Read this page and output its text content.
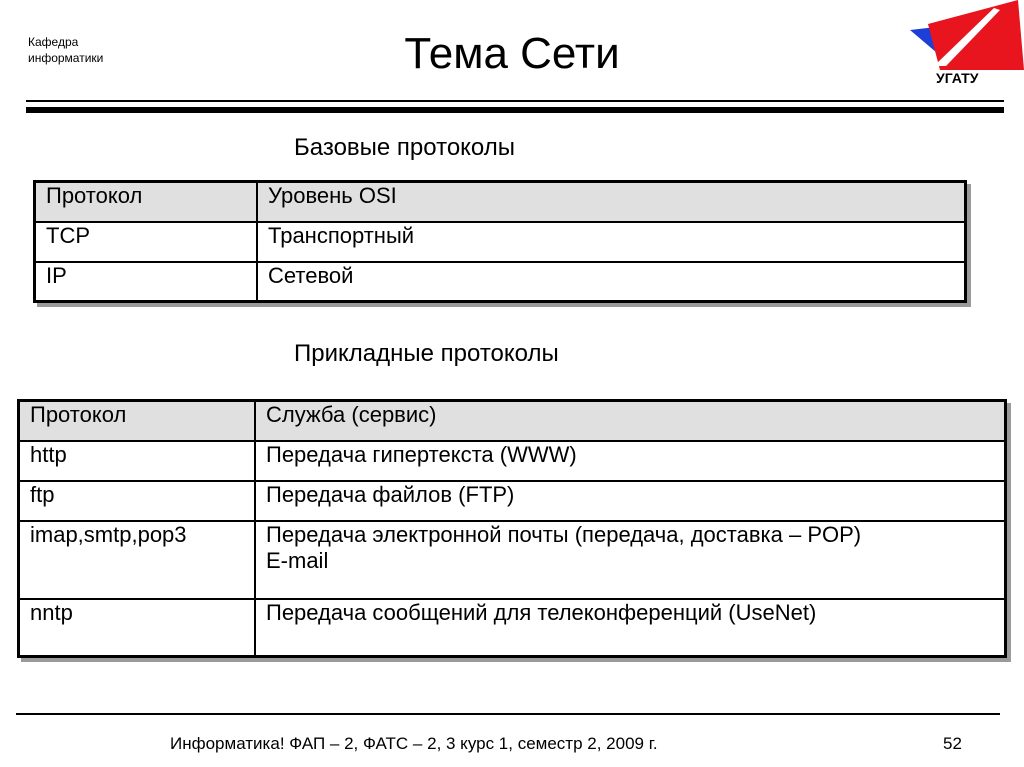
Кафедра
информатики	Тема Сети	УГАТУ
Базовые протоколы
Протокол	Уровень OSI
TCP	Транспортный
IP	Сетевой
Прикладные протоколы
Протокол	Служба (сервис)
http	Передача гипертекста (WWW)
ftp	Передача файлов (FTP)
imap,smtp,pop3	Передача электронной почты (передача, доставка – POP)
E-mail

nntp	Передача сообщений для телеконференций (UseNet)
Информатика! ФАП – 2, ФАТС – 2, 3 курс 1, семестр 2, 2009 г.	52
